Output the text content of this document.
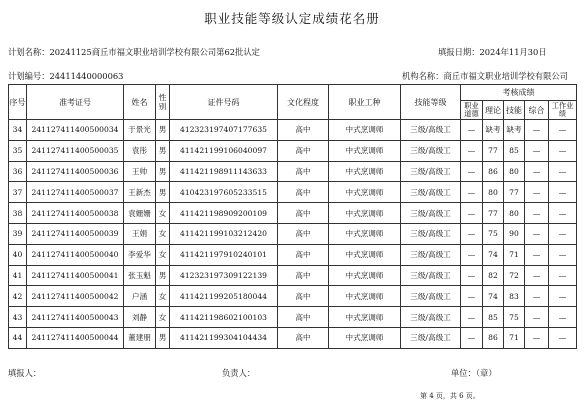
职业技能等级认定成绩花名册
计划名称：20241125商丘市福文职业培训学校有限公司第62批认定	填报日期：2024年11月30日
计划编号：24411440000063	机构名称：商丘市福文职业培训学校有限公司
序号	准考证号	姓名	性别	证件号码	文化程度	职业工种	技能等级	考核成绩				
								职业道德	理论	技能	综合	工作业绩
34	241127411400500034	于景光	男	412323197407177635	高中	中式烹调师	三级/高级工	—	缺考	缺考	—	—
35	241127411400500035	袁彤	男	411421199106040097	高中	中式烹调师	三级/高级工	—	77	85	—	—
36	241127411400500036	王帅	男	411421198911143633	高中	中式烹调师	三级/高级工	—	86	80	—	—
37	241127411400500037	王新杰	男	410423197605233515	高中	中式烹调师	三级/高级工	—	80	77	—	—
38	241127411400500038	袁姗姗	女	411421198909200109	高中	中式烹调师	三级/高级工	—	77	80	—	—
39	241127411400500039	王娟	女	411421199103212420	高中	中式烹调师	三级/高级工	—	75	90	—	—
40	241127411400500040	李爱华	女	411421197910240101	高中	中式烹调师	三级/高级工	—	74	71	—	—
41	241127411400500041	张玉魁	男	412323197309122139	高中	中式烹调师	三级/高级工	—	82	72	—	—
42	241127411400500042	户涵	女	411421199205180044	高中	中式烹调师	三级/高级工	—	74	83	—	—
43	241127411400500043	刘静	女	411421198602100103	高中	中式烹调师	三级/高级工	—	85	75	—	—
44	241127411400500044	董建朋	男	411421199304104434	高中	中式烹调师	三级/高级工	—	86	71	—	—
填报人：	负责人：	单位：（章）
第 4 页，共 6 页。
